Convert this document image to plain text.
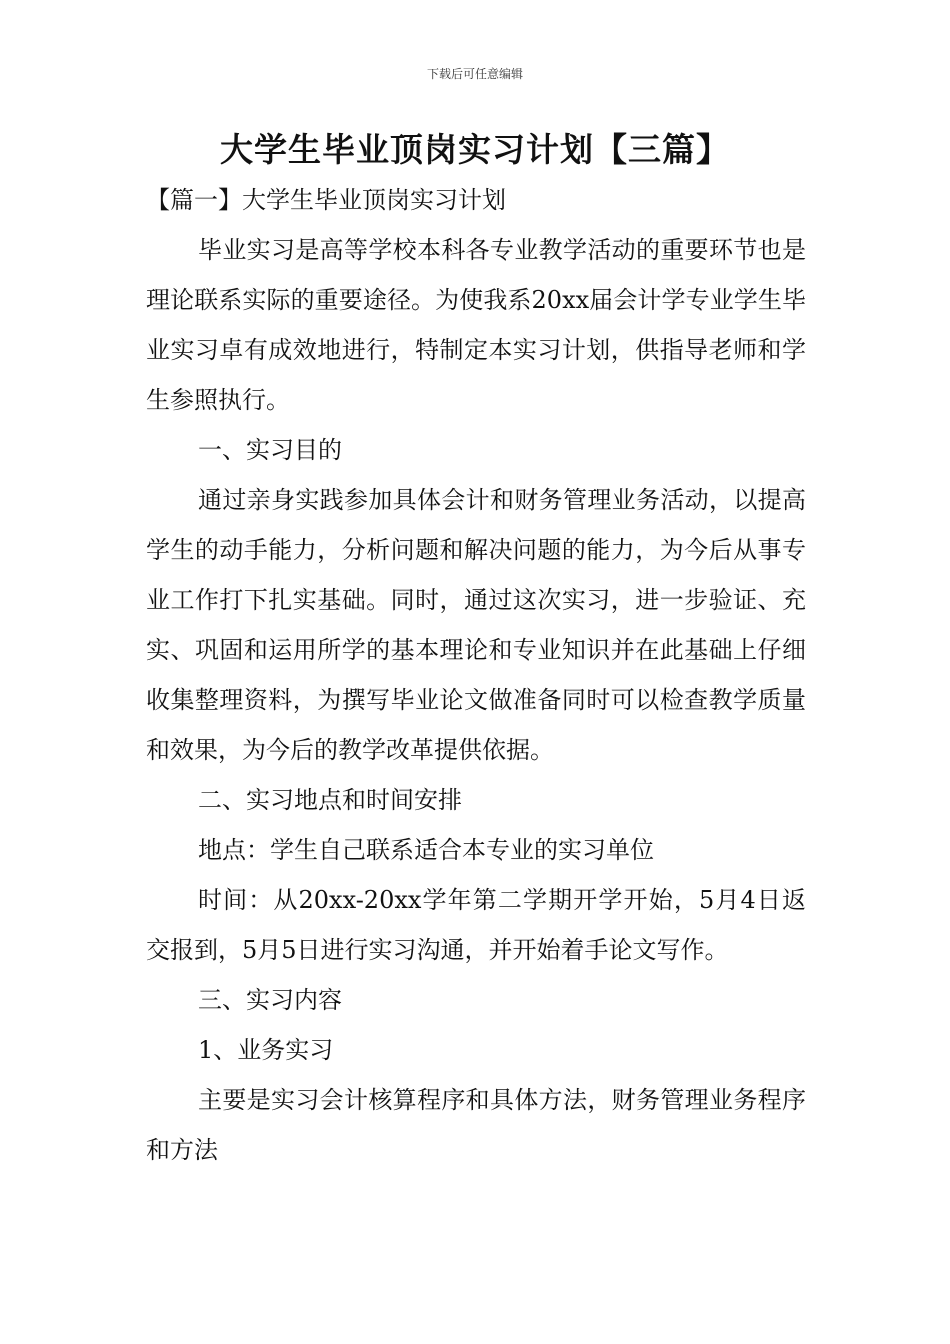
下载后可任意编辑
大学生毕业顶岗实习计划【三篇】

【篇一】大学生毕业顶岗实习计划

毕业实习是高等学校本科各专业教学活动的重要环节也是理论联系实际的重要途径。为使我系20xx届会计学专业学生毕业实习卓有成效地进行，特制定本实习计划，供指导老师和学生参照执行。

一、实习目的

通过亲身实践参加具体会计和财务管理业务活动，以提高学生的动手能力，分析问题和解决问题的能力，为今后从事专业工作打下扎实基础。同时，通过这次实习，进一步验证、充实、巩固和运用所学的基本理论和专业知识并在此基础上仔细收集整理资料，为撰写毕业论文做准备同时可以检查教学质量和效果，为今后的教学改革提供依据。

二、实习地点和时间安排

地点：学生自己联系适合本专业的实习单位

时间：从20xx-20xx学年第二学期开学开始，5月4日返交报到，5月5日进行实习沟通，并开始着手论文写作。

三、实习内容

1、业务实习

主要是实习会计核算程序和具体方法，财务管理业务程序和方法
